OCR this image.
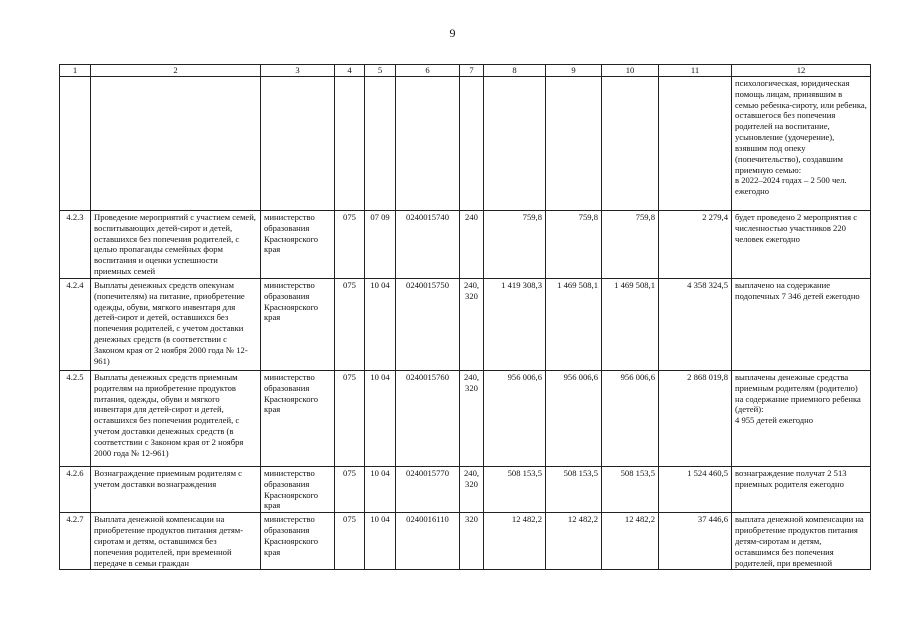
9
1	2	3	4	5	6	7	8	9	10	11	12
											психологическая, юридическая помощь лицам, принявшим в семью ребенка-сироту, или ребенка, оставшегося без попечения родителей на воспитание, усыновление (удочерение), взявшим под опеку (попечительство), создавшим приемную семью:
в 2022–2024 годах – 2 500 чел. ежегодно
4.2.3	Проведение мероприятий с участием семей, воспитывающих детей-сирот и детей, оставшихся без попечения родителей, с целью пропаганды семейных форм воспитания и оценки успешности приемных семей	министерство образования Красноярского края	075	07 09	0240015740	240	759,8	759,8	759,8	2 279,4	будет проведено 2 мероприятия с численностью участников 220 человек ежегодно
4.2.4	Выплаты денежных средств опекунам (попечителям) на питание, приобретение одежды, обуви, мягкого инвентаря для детей-сирот и детей, оставшихся без попечения родителей, с учетом доставки денежных средств (в соответствии с Законом края от 2 ноября 2000 года № 12-961)	министерство образования Красноярского края	075	10 04	0240015750	240, 320	1 419 308,3	1 469 508,1	1 469 508,1	4 358 324,5	выплачено на содержание подопечных 7 346 детей ежегодно
4.2.5	Выплаты денежных средств приемным родителям на приобретение продуктов питания, одежды, обуви и мягкого инвентаря для детей-сирот и детей, оставшихся без попечения родителей, с учетом доставки денежных средств (в соответствии с Законом края от 2 ноября 2000 года № 12-961)	министерство образования Красноярского края	075	10 04	0240015760	240, 320	956 006,6	956 006,6	956 006,6	2 868 019,8	выплачены денежные средства приемным родителям (родителю) на содержание приемного ребенка (детей):
4 955 детей ежегодно
4.2.6	Вознаграждение приемным родителям с учетом доставки вознаграждения	министерство образования Красноярского края	075	10 04	0240015770	240, 320	508 153,5	508 153,5	508 153,5	1 524 460,5	вознаграждение получат 2 513 приемных родителя ежегодно
4.2.7	Выплата денежной компенсации на приобретение продуктов питания детям-сиротам и детям, оставшимся без попечения родителей, при временной передаче в семьи граждан	министерство образования Красноярского края	075	10 04	0240016110	320	12 482,2	12 482,2	12 482,2	37 446,6	выплата денежной компенсации на приобретение продуктов питания детям-сиротам и детям, оставшимся без попечения родителей, при временной
